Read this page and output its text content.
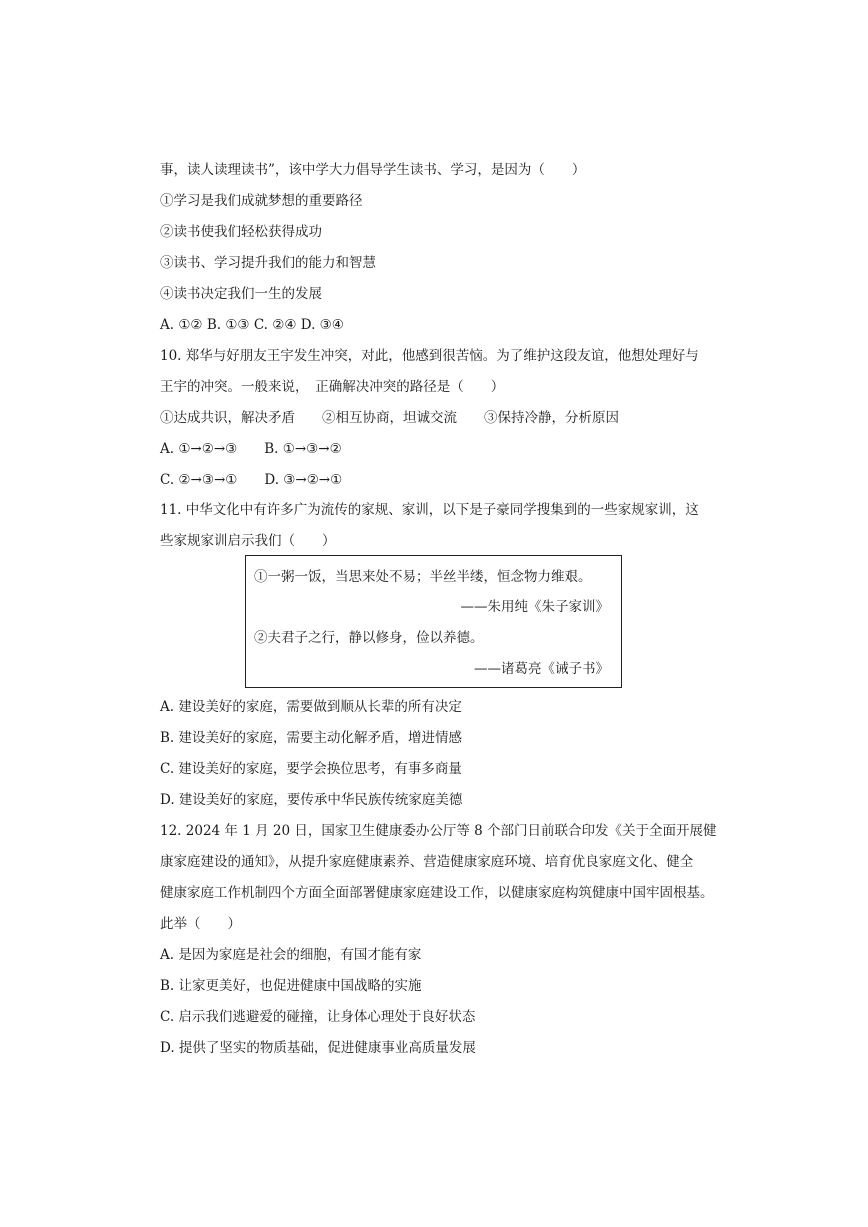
事，读人读理读书”，该中学大力倡导学生读书、学习，是因为（　　）
①学习是我们成就梦想的重要路径
②读书使我们轻松获得成功
③读书、学习提升我们的能力和智慧
④读书决定我们一生的发展
A. ①② B. ①③ C. ②④ D. ③④
10. 郑华与好朋友王宇发生冲突，对此，他感到很苦恼。为了维护这段友谊，他想处理好与
王宇的冲突。一般来说，　正确解决冲突的路径是（　　）
①达成共识，解决矛盾　　②相互协商，坦诚交流　　③保持冷静，分析原因
A. ①→②→③　　B. ①→③→②
C. ②→③→①　　D. ③→②→①
11. 中华文化中有许多广为流传的家规、家训，以下是子豪同学搜集到的一些家规家训，这
些家规家训启示我们（　　）
①一粥一饭，当思来处不易；半丝半缕，恒念物力维艰。
——朱用纯《朱子家训》
②夫君子之行，静以修身，俭以养德。
——诸葛亮《诫子书》
A. 建设美好的家庭，需要做到顺从长辈的所有决定
B. 建设美好的家庭，需要主动化解矛盾，增进情感
C. 建设美好的家庭，要学会换位思考，有事多商量
D. 建设美好的家庭，要传承中华民族传统家庭美德
12. 2024 年 1 月 20 日，国家卫生健康委办公厅等 8 个部门日前联合印发《关于全面开展健
康家庭建设的通知》，从提升家庭健康素养、营造健康家庭环境、培育优良家庭文化、健全
健康家庭工作机制四个方面全面部署健康家庭建设工作，以健康家庭构筑健康中国牢固根基。
此举（　　）
A. 是因为家庭是社会的细胞，有国才能有家
B. 让家更美好，也促进健康中国战略的实施
C. 启示我们逃避爱的碰撞，让身体心理处于良好状态
D. 提供了坚实的物质基础，促进健康事业高质量发展
